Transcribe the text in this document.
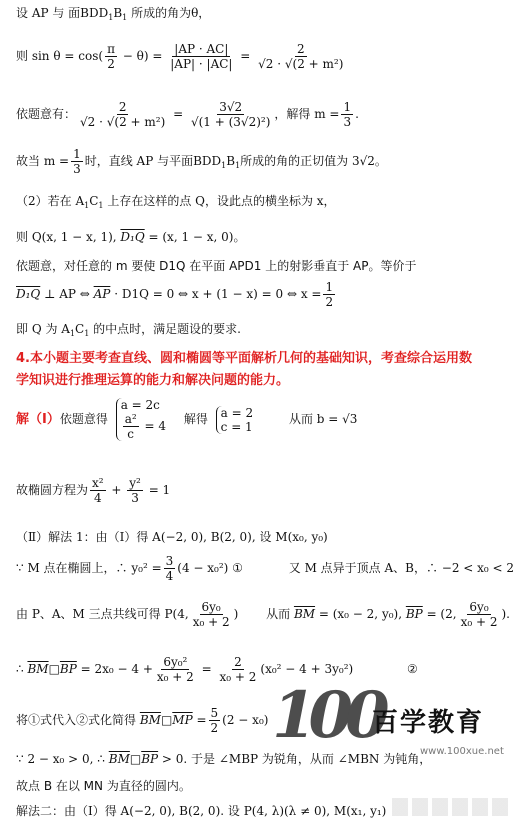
设 AP 与 面$BDD_1B_1$ 所成的角为θ，
则 $\sin \theta = \cos( \frac{\pi}{2} - \theta) = \frac{|AP \cdot AC|}{|AP| \cdot |AC|} = \frac{2}{\text{√2 · √(2 + m²)}}$
依题意有： $\frac{2}{\text{√2 · √(2 + m²)}} = \frac{3√2}{\text{√(1 + (3√2)²)}}$ ，解得 $m = \frac{1}{3}$ .
故当 $m = \frac{1}{3}$ 时，直线 AP 与平面$BDD_1B_1$所成的角的正切值为 3√2。
（2）若在 $A_1C_1$ 上存在这样的点 Q，设此点的横坐标为 x，
则 Q(x, 1 − x, 1), D₁Q = (x, 1 − x, 0)。
依题意，对任意的 m 要使 D1Q 在平面 APD1 上的射影垂直于 AP。等价于
D₁Q ⊥ AP ⇔ $\overline{AP} \cdot D1Q = 0$ ⇔ x + (1 − x) = 0 ⇔ $x = \frac{1}{2}$
即 Q 为 $A_1C_1$ 的中点时，满足题设的要求.
4.本小题主要考查直线、圆和椭圆等平面解析几何的基础知识，考查综合运用数
学知识进行推理运算的能力和解决问题的能力。
解（Ⅰ）依题意得
a = 2c
$\frac{\text{a²}}{c} = 4$ 解得 a = 2
c = 1
从而 b = √3
故椭圆方程为 $\frac{\text{x²}}{4} + \frac{\text{y²}}{3} = 1$
（Ⅱ）解法 1：由（Ⅰ）得 A(−2, 0), B(2, 0), 设 M(x₀, y₀)
∵ M 点在椭圆上，∴ $y_0^2 = \frac{3}{4} (4 - x_0^2)$ ①	又 M 点异于顶点 A、B，∴ −2 < x₀ < 2
由 P、A、M 三点共线可得 P(4, $\frac{\text{6y₀}}{\text{x₀ + 2}}$ ) 从而 $\overline{BM} = (x_0 - 2$, y₀), $\overline{BP} = (2$, $\frac{\text{6y₀}}{\text{x₀ + 2}}$ ).
∴ $\overline{BM}□\overline{BP} = 2x_0 - 4 + \frac{\text{6y₀²}}{\text{x₀ + 2}} = \frac{2}{\text{x₀ + 2}} (x_0^2 - 4 + 3y_0^2)$	②
将①式代入②式化简得 $\overline{BM}□\overline{MP} = \frac{5}{2} (2 - x_0)$
∵ 2 − x₀ > 0, ∴ $\overline{BM}□\overline{BP} > 0$. 于是 ∠MBP 为锐角，从而 ∠MBN 为钝角，
故点 B 在以 MN 为直径的圆内。
解法二：由（Ⅰ）得 A(−2, 0), B(2, 0). 设 P(4, λ)(λ ≠ 0), M(x₁, y₁)
100
百学教育
www.100xue.net
